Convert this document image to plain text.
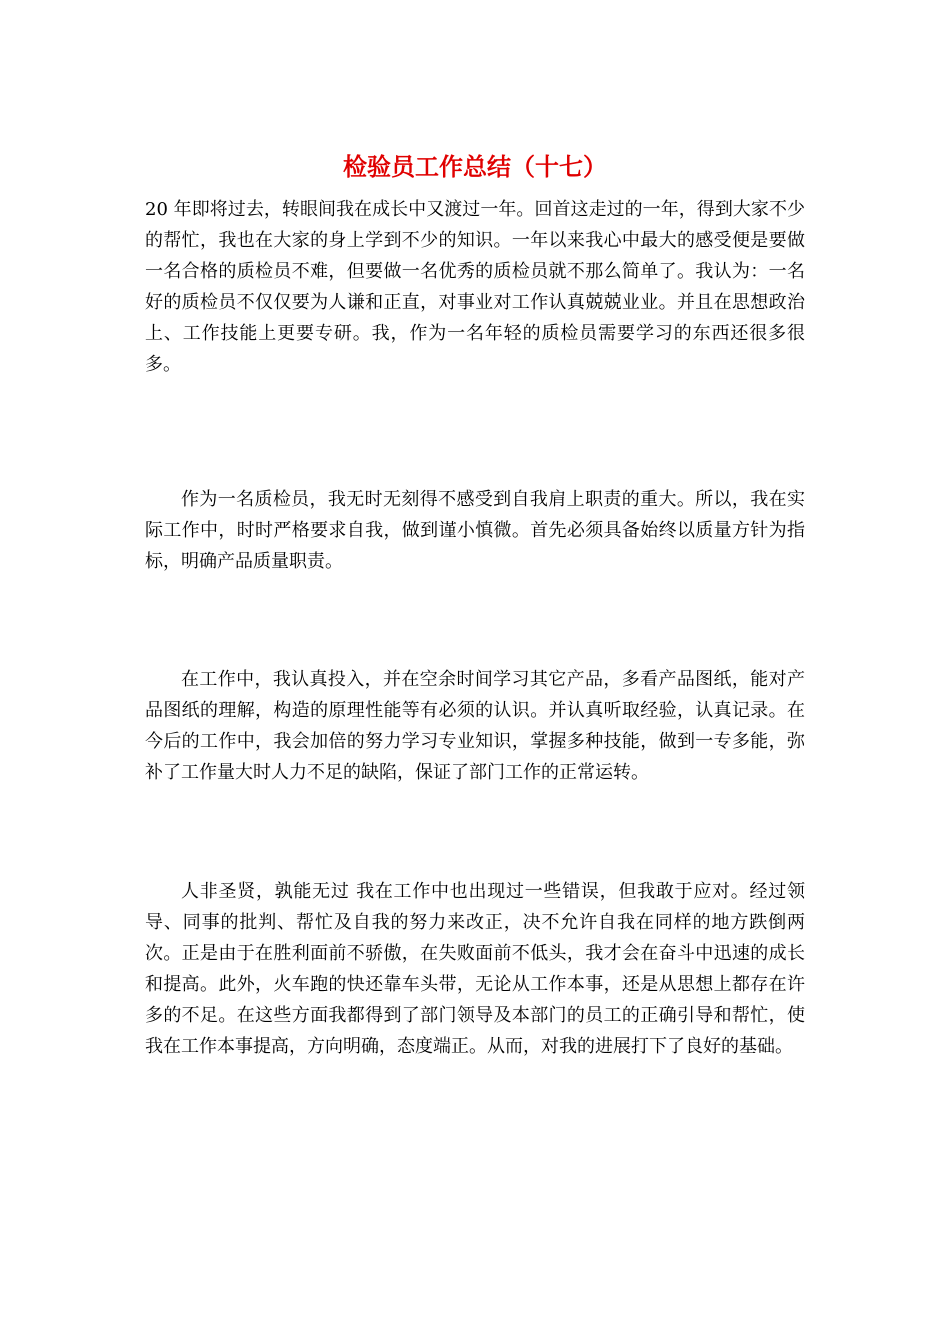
检验员工作总结（十七）

20 年即将过去，转眼间我在成长中又渡过一年。回首这走过的一年，得到大家不少的帮忙，我也在大家的身上学到不少的知识。一年以来我心中最大的感受便是要做一名合格的质检员不难，但要做一名优秀的质检员就不那么简单了。我认为：一名好的质检员不仅仅要为人谦和正直，对事业对工作认真兢兢业业。并且在思想政治上、工作技能上更要专研。我，作为一名年轻的质检员需要学习的东西还很多很多。

作为一名质检员，我无时无刻得不感受到自我肩上职责的重大。所以，我在实际工作中，时时严格要求自我，做到谨小慎微。首先必须具备始终以质量方针为指标，明确产品质量职责。

在工作中，我认真投入，并在空余时间学习其它产品，多看产品图纸，能对产品图纸的理解，构造的原理性能等有必须的认识。并认真听取经验，认真记录。在今后的工作中，我会加倍的努力学习专业知识，掌握多种技能，做到一专多能，弥补了工作量大时人力不足的缺陷，保证了部门工作的正常运转。

人非圣贤，孰能无过 我在工作中也出现过一些错误，但我敢于应对。经过领导、同事的批判、帮忙及自我的努力来改正，决不允许自我在同样的地方跌倒两次。正是由于在胜利面前不骄傲，在失败面前不低头，我才会在奋斗中迅速的成长和提高。此外，火车跑的快还靠车头带，无论从工作本事，还是从思想上都存在许多的不足。在这些方面我都得到了部门领导及本部门的员工的正确引导和帮忙，使我在工作本事提高，方向明确，态度端正。从而，对我的进展打下了良好的基础。
